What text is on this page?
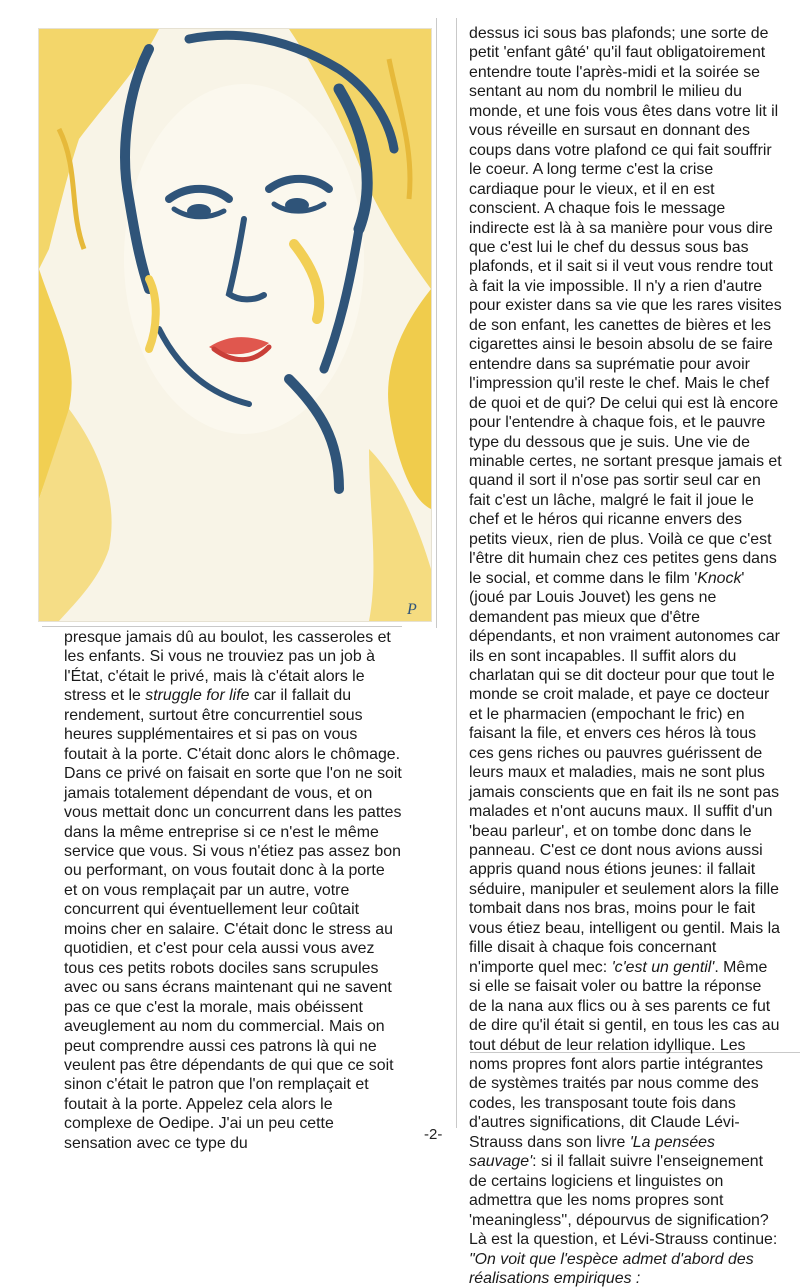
P

presque jamais dû au boulot, les casseroles et les enfants. Si vous ne trouviez pas un job à l'État, c'était le privé, mais là c'était alors le stress et le struggle for life car il fallait du rendement, surtout être concurrentiel sous heures supplémentaires et si pas on vous foutait à la porte. C'était donc alors le chômage. Dans ce privé on faisait en sorte que l'on ne soit jamais totalement dépendant de vous, et on vous mettait donc un concurrent dans les pattes dans la même entreprise si ce n'est le même service que vous. Si vous n'étiez pas assez bon ou performant, on vous foutait donc à la porte et on vous remplaçait par un autre, votre concurrent qui éventuellement leur coûtait moins cher en salaire. C'était donc le stress au quotidien, et c'est pour cela aussi vous avez tous ces petits robots dociles sans scrupules avec ou sans écrans maintenant qui ne savent pas ce que c'est la morale, mais obéissent aveuglement au nom du commercial. Mais on peut comprendre aussi ces patrons là qui ne veulent pas être dépendants de qui que ce soit sinon c'était le patron que l'on remplaçait et foutait à la porte. Appelez cela alors le complexe de Oedipe. J'ai un peu cette sensation avec ce type du

dessus ici sous bas plafonds; une sorte de petit 'enfant gâté' qu'il faut obligatoirement entendre toute l'après-midi et la soirée se sentant au nom du nombril le milieu du monde, et une fois vous êtes dans votre lit il vous réveille en sursaut en donnant des coups dans votre plafond ce qui fait souffrir le coeur. A long terme c'est la crise cardiaque pour le vieux, et il en est conscient. A chaque fois le message indirecte est là à sa manière pour vous dire que c'est lui le chef du dessus sous bas plafonds, et il sait si il veut vous rendre tout à fait la vie impossible. Il n'y a rien d'autre pour exister dans sa vie que les rares visites de son enfant, les canettes de bières et les cigarettes ainsi le besoin absolu de se faire entendre dans sa suprématie pour avoir l'impression qu'il reste le chef. Mais le chef de quoi et de qui? De celui qui est là encore pour l'entendre à chaque fois, et le pauvre type du dessous que je suis. Une vie de minable certes, ne sortant presque jamais et quand il sort il n'ose pas sortir seul car en fait c'est un lâche, malgré le fait il joue le chef et le héros qui ricanne envers des petits vieux, rien de plus. Voilà ce que c'est l'être dit humain chez ces petites gens dans le social, et comme dans le film 'Knock' (joué par Louis Jouvet) les gens ne demandent pas mieux que d'être dépendants, et non vraiment autonomes car ils en sont incapables. Il suffit alors du charlatan qui se dit docteur pour que tout le monde se croit malade, et paye ce docteur et le pharmacien (empochant le fric) en faisant la file, et envers ces héros là tous ces gens riches ou pauvres guérissent de leurs maux et maladies, mais ne sont plus jamais conscients que en fait ils ne sont pas malades et n'ont aucuns maux. Il suffit d'un 'beau parleur', et on tombe donc dans le panneau. C'est ce dont nous avions aussi appris quand nous étions jeunes: il fallait séduire, manipuler et seulement alors la fille tombait dans nos bras, moins pour le fait vous étiez beau, intelligent ou gentil. Mais la fille disait à chaque fois concernant n'importe quel mec: 'c'est un gentil'. Même si elle se faisait voler ou battre la réponse de la nana aux flics ou à ses parents ce fut de dire qu'il était si gentil, en tous les cas au tout début de leur relation idyllique. Les noms propres font alors partie intégrantes de systèmes traités par nous comme des codes, les transposant toute fois dans d'autres significations, dit Claude Lévi-Strauss dans son livre 'La pensées sauvage': si il fallait suivre l'enseignement de certains logiciens et linguistes on admettra que les noms propres sont 'meaningless'', dépourvus de signification? Là est la question, et Lévi-Strauss continue: "On voit que l'espèce admet d'abord des réalisations empiriques :

-2-
